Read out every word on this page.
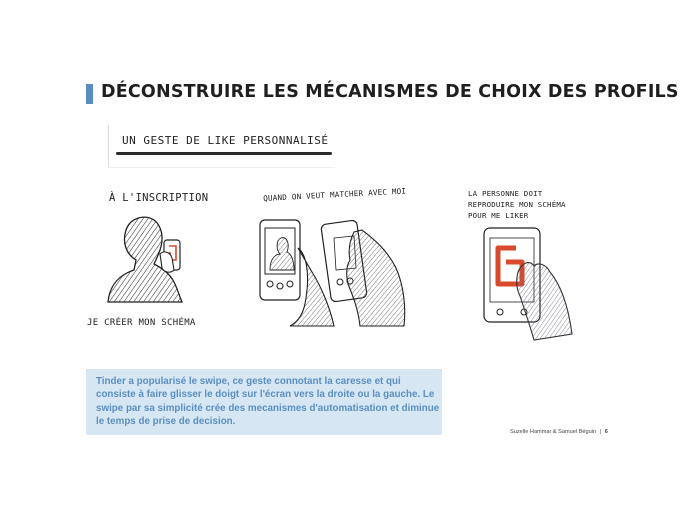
DÉCONSTRUIRE LES MÉCANISMES DE CHOIX DES PROFILS
UN GESTE DE LIKE PERSONNALISÉ
À L'INSCRIPTION
JE CRÉER MON SCHÉMA
QUAND ON VEUT MATCHER AVEC MOI	LA PERSONNE DOIT
REPRODUIRE MON SCHÉMA
POUR ME LIKER

Tinder a popularisé le swipe, ce geste connotant la caresse et qui consiste à faire glisser le doigt sur l'écran vers la droite ou la gauche. Le swipe par sa simplicité crée des mecanismes d'automatisation et diminue le temps de prise de decision.

Suzelle Hammar & Samuel Béguin | 6
